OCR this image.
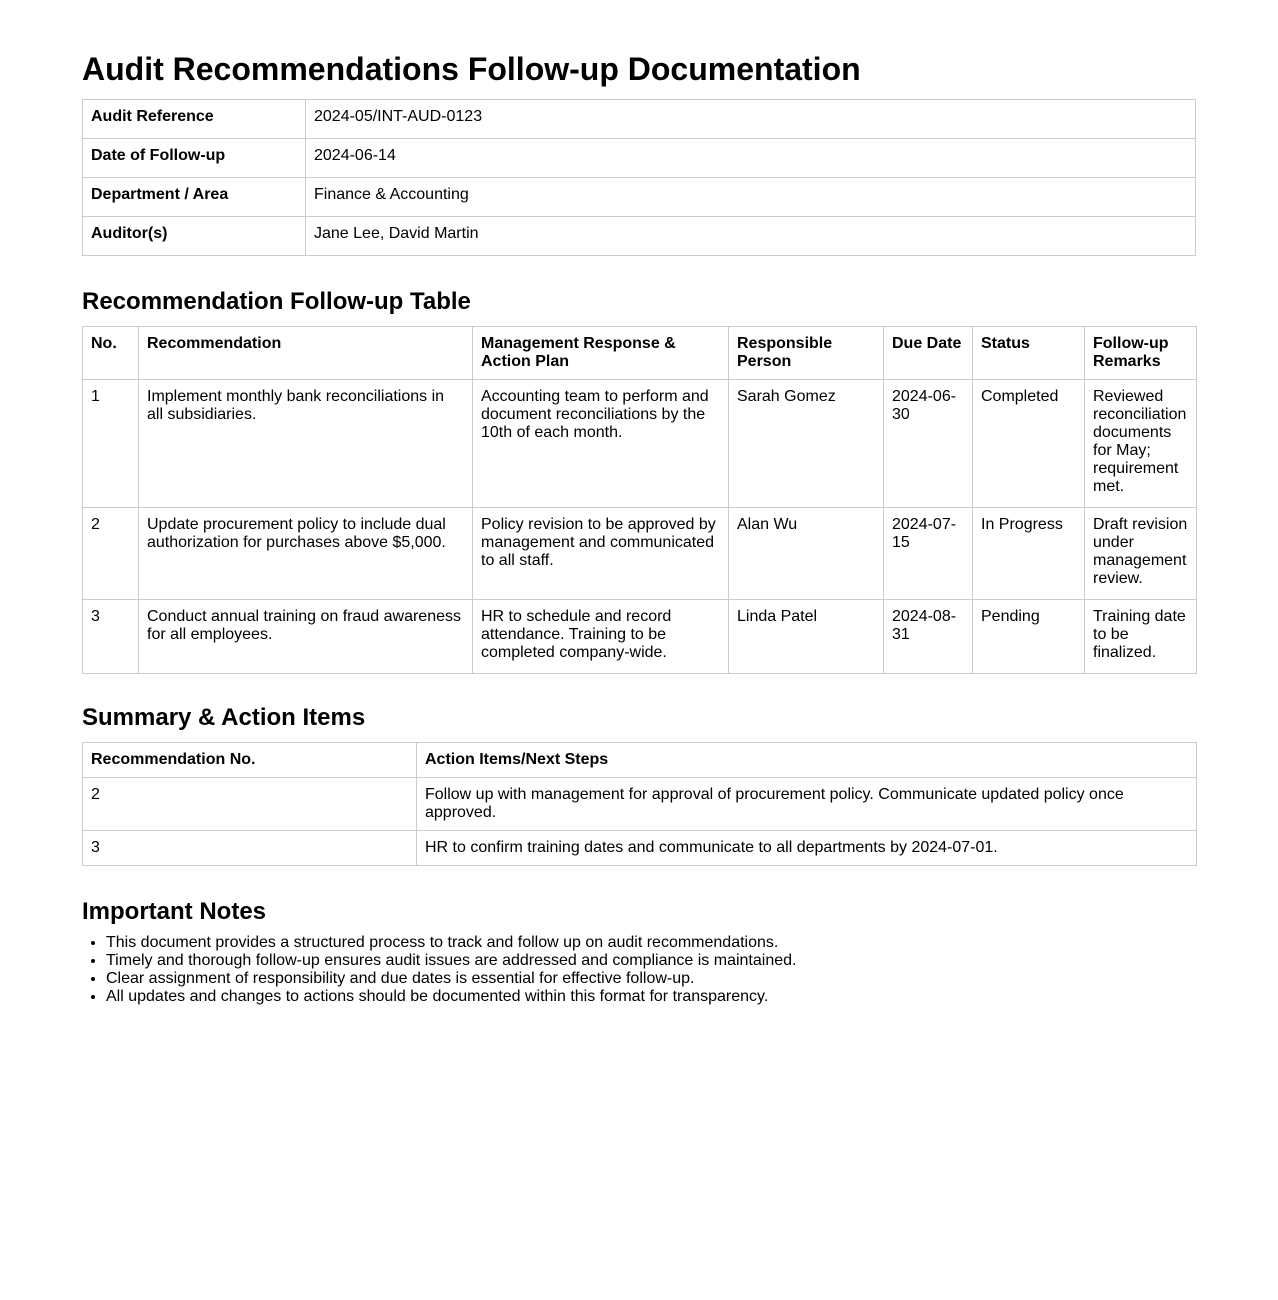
Audit Recommendations Follow-up Documentation
Audit Reference	2024-05/INT-AUD-0123
Date of Follow-up	2024-06-14
Department / Area	Finance & Accounting
Auditor(s)	Jane Lee, David Martin
Recommendation Follow-up Table
No.	Recommendation	Management Response & Action Plan	Responsible Person	Due Date	Status	Follow-up Remarks
1	Implement monthly bank reconciliations in all subsidiaries.	Accounting team to perform and document reconciliations by the 10th of each month.	Sarah Gomez	2024-06-30	Completed	Reviewed reconciliation documents for May; requirement met.
2	Update procurement policy to include dual authorization for purchases above $5,000.	Policy revision to be approved by management and communicated to all staff.	Alan Wu	2024-07-15	In Progress	Draft revision under management review.
3	Conduct annual training on fraud awareness for all employees.	HR to schedule and record attendance. Training to be completed company-wide.	Linda Patel	2024-08-31	Pending	Training date to be finalized.
Summary & Action Items
Recommendation No.	Action Items/Next Steps
2	Follow up with management for approval of procurement policy. Communicate updated policy once approved.
3	HR to confirm training dates and communicate to all departments by 2024-07-01.
Important Notes
• This document provides a structured process to track and follow up on audit recommendations.
• Timely and thorough follow-up ensures audit issues are addressed and compliance is maintained.
• Clear assignment of responsibility and due dates is essential for effective follow-up.
• All updates and changes to actions should be documented within this format for transparency.
